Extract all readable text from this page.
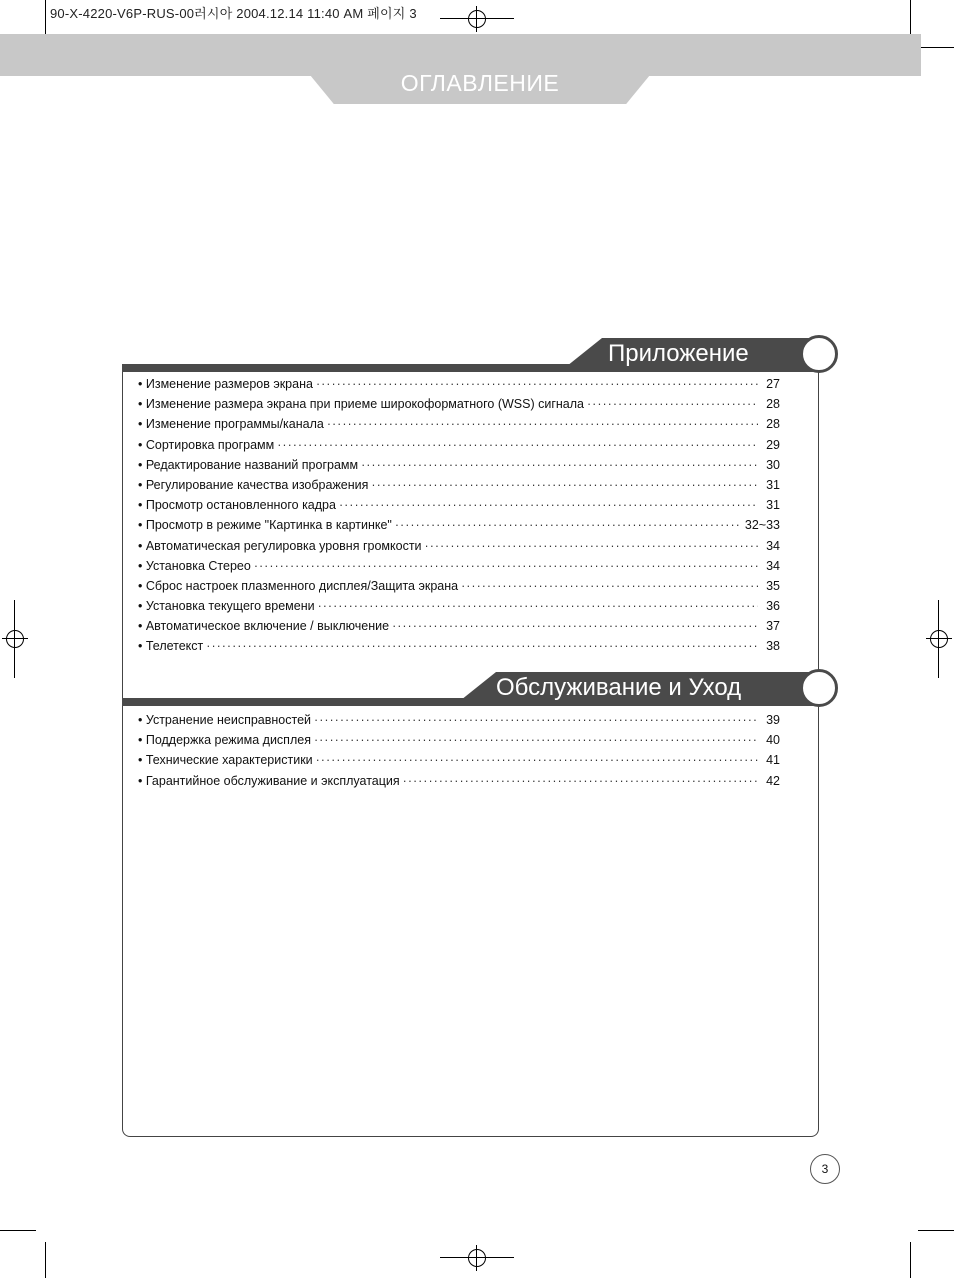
90-X-4220-V6P-RUS-00러시아 2004.12.14 11:40 AM 페이지 3
ОГЛАВЛЕНИЕ
Приложение
• Изменение размеров экрана ·····	27
• Изменение размера экрана при приеме широкоформатного (WSS) сигнала ·····	28
• Изменение программы/канала ·····	28
• Сортировка программ ·····	29
• Редактирование названий программ ·····	30
• Регулирование качества изображения ·····	31
• Просмотр остановленного кадра ·····	31
• Просмотр в режиме "Картинка в картинке" ·····	32~33
• Автоматическая регулировка уровня громкости ·····	34
• Установка Стерео ·····	34
• Сброс настроек плазменного дисплея/Защита экрана ·····	35
• Установка текущего времени ·····	36
• Автоматическое включение / выключение ·····	37
• Телетекст ·····	38
Обслуживание и Уход
• Устранение неисправностей ·····	39
• Поддержка режима дисплея ·····	40
• Технические характеристики ·····	41
• Гарантийное обслуживание и эксплуатация ·····	42
3
